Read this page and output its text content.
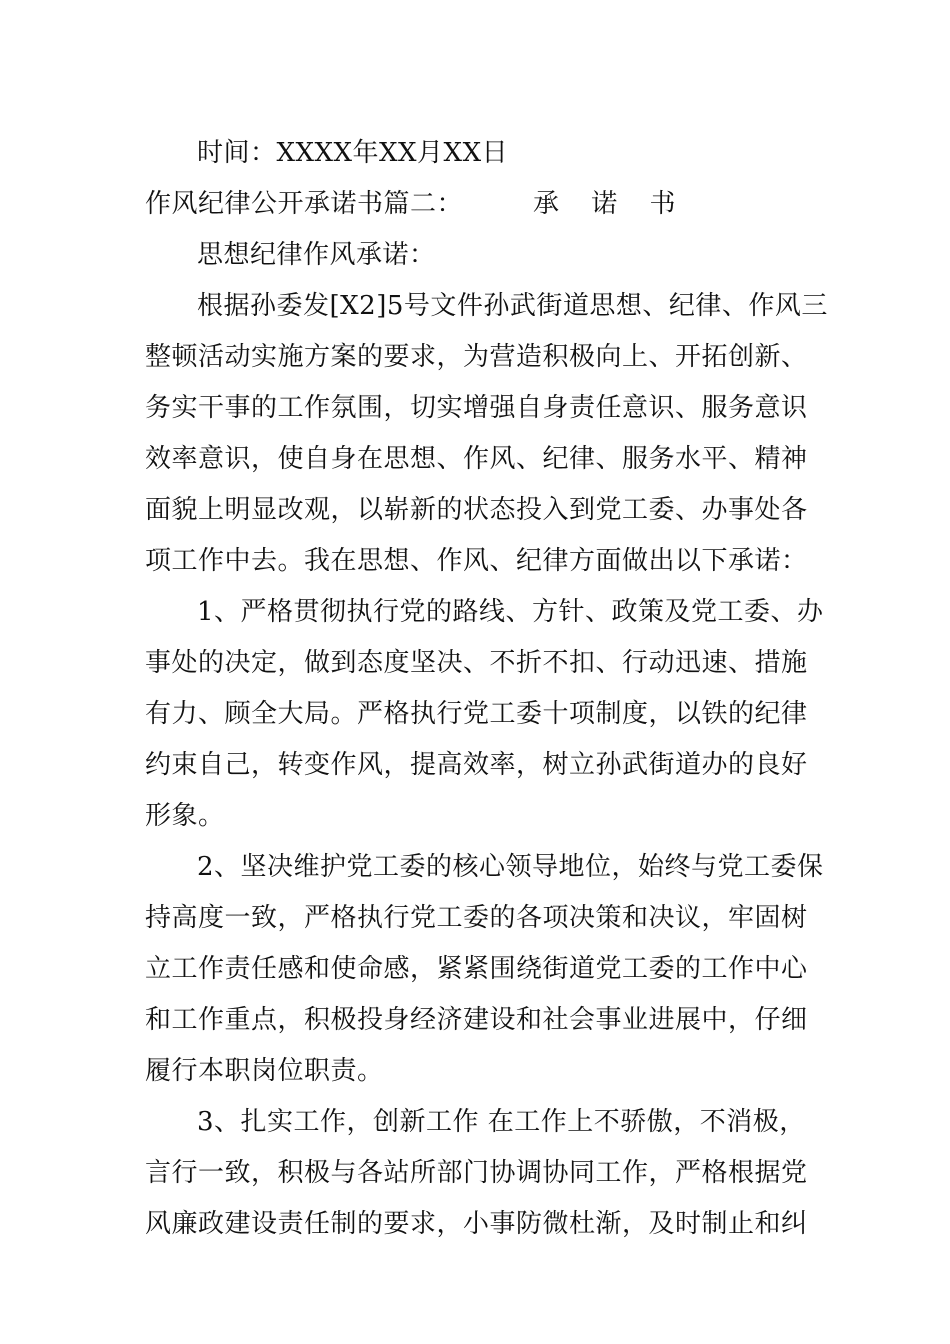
时间：XXXX年XX月XX日
作风纪律公开承诺书篇二：	承 诺 书
思想纪律作风承诺：
根据孙委发[X2]5号文件孙武街道思想、纪律、作风三
整顿活动实施方案的要求，为营造积极向上、开拓创新、
务实干事的工作氛围，切实增强自身责任意识、服务意识
效率意识，使自身在思想、作风、纪律、服务水平、精神
面貌上明显改观，以崭新的状态投入到党工委、办事处各
项工作中去。我在思想、作风、纪律方面做出以下承诺：
1、严格贯彻执行党的路线、方针、政策及党工委、办
事处的决定，做到态度坚决、不折不扣、行动迅速、措施
有力、顾全大局。严格执行党工委十项制度，以铁的纪律
约束自己，转变作风，提高效率，树立孙武街道办的良好
形象。
2、坚决维护党工委的核心领导地位，始终与党工委保
持高度一致，严格执行党工委的各项决策和决议，牢固树
立工作责任感和使命感，紧紧围绕街道党工委的工作中心
和工作重点，积极投身经济建设和社会事业进展中，仔细
履行本职岗位职责。
3、扎实工作，创新工作 在工作上不骄傲，不消极，
言行一致，积极与各站所部门协调协同工作，严格根据党
风廉政建设责任制的要求，小事防微杜渐，及时制止和纠
